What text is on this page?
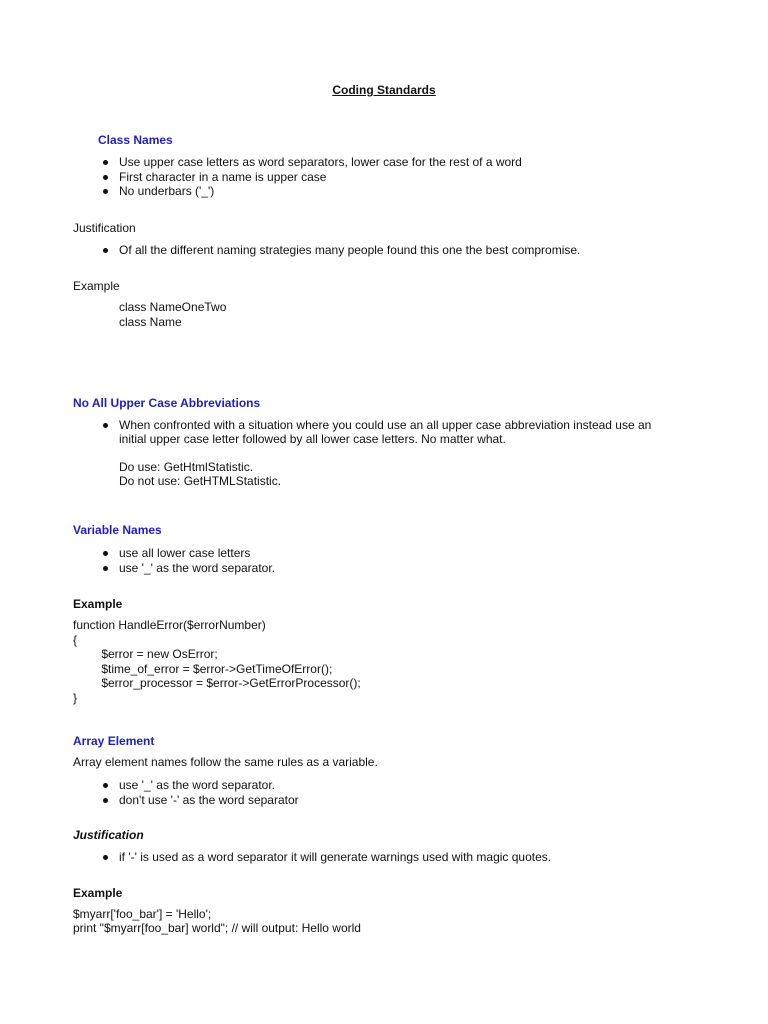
Coding Standards
Class Names
Use upper case letters as word separators, lower case for the rest of a word
First character in a name is upper case
No underbars ('_')
Justification
Of all the different naming strategies many people found this one the best compromise.
Example
class NameOneTwo
class Name
No All Upper Case Abbreviations
When confronted with a situation where you could use an all upper case abbreviation instead use an
initial upper case letter followed by all lower case letters. No matter what.
Do use: GetHtmlStatistic.
Do not use: GetHTMLStatistic.
Variable Names
use all lower case letters
use '_' as the word separator.
Example
function HandleError($errorNumber)
{
$error = new OsError;
$time_of_error = $error->GetTimeOfError();
$error_processor = $error->GetErrorProcessor();
}
Array Element
Array element names follow the same rules as a variable.
use '_' as the word separator.
don't use '-' as the word separator
Justification
if '-' is used as a word separator it will generate warnings used with magic quotes.
Example
$myarr['foo_bar'] = 'Hello';
print "$myarr[foo_bar] world"; // will output: Hello world
